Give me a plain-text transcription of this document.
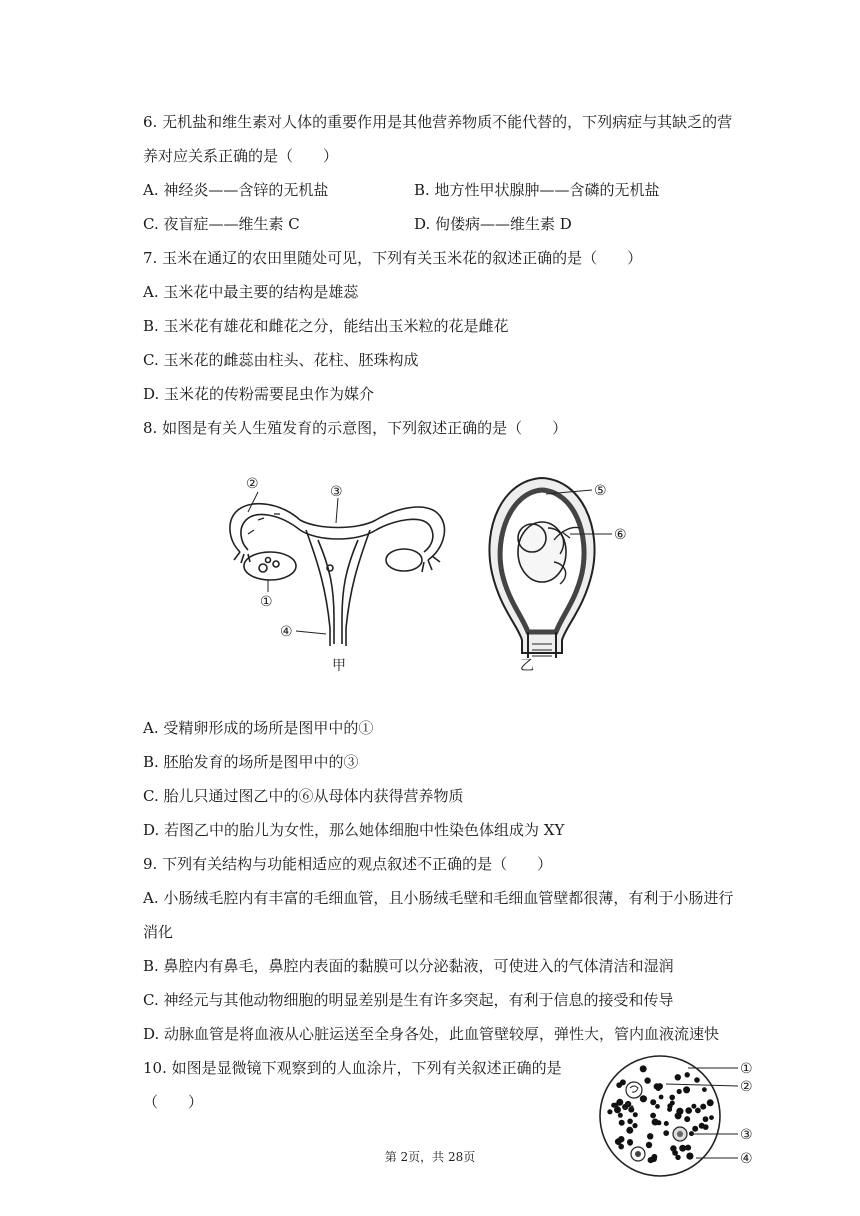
6. 无机盐和维生素对人体的重要作用是其他营养物质不能代替的，下列病症与其缺乏的营
养对应关系正确的是（　　）
A. 神经炎——含锌的无机盐	B. 地方性甲状腺肿——含磷的无机盐
C. 夜盲症——维生素 C	D. 佝偻病——维生素 D
7. 玉米在通辽的农田里随处可见，下列有关玉米花的叙述正确的是（　　）
A. 玉米花中最主要的结构是雄蕊
B. 玉米花有雄花和雌花之分，能结出玉米粒的花是雌花
C. 玉米花的雌蕊由柱头、花柱、胚珠构成
D. 玉米花的传粉需要昆虫作为媒介
8. 如图是有关人生殖发育的示意图，下列叙述正确的是（　　）
②	③
①
④
甲
⑤
⑥
乙
A. 受精卵形成的场所是图甲中的①
B. 胚胎发育的场所是图甲中的③
C. 胎儿只通过图乙中的⑥从母体内获得营养物质
D. 若图乙中的胎儿为女性，那么她体细胞中性染色体组成为 XY
9. 下列有关结构与功能相适应的观点叙述不正确的是（　　）
A. 小肠绒毛腔内有丰富的毛细血管，且小肠绒毛壁和毛细血管壁都很薄，有利于小肠进行
消化
B. 鼻腔内有鼻毛，鼻腔内表面的黏膜可以分泌黏液，可使进入的气体清洁和湿润
C. 神经元与其他动物细胞的明显差别是生有许多突起，有利于信息的接受和传导
D. 动脉血管是将血液从心脏运送至全身各处，此血管壁较厚，弹性大，管内血液流速快
10. 如图是显微镜下观察到的人血涂片，下列有关叙述正确的是
（　　）
①
②
③
④
第 2页，共 28页
